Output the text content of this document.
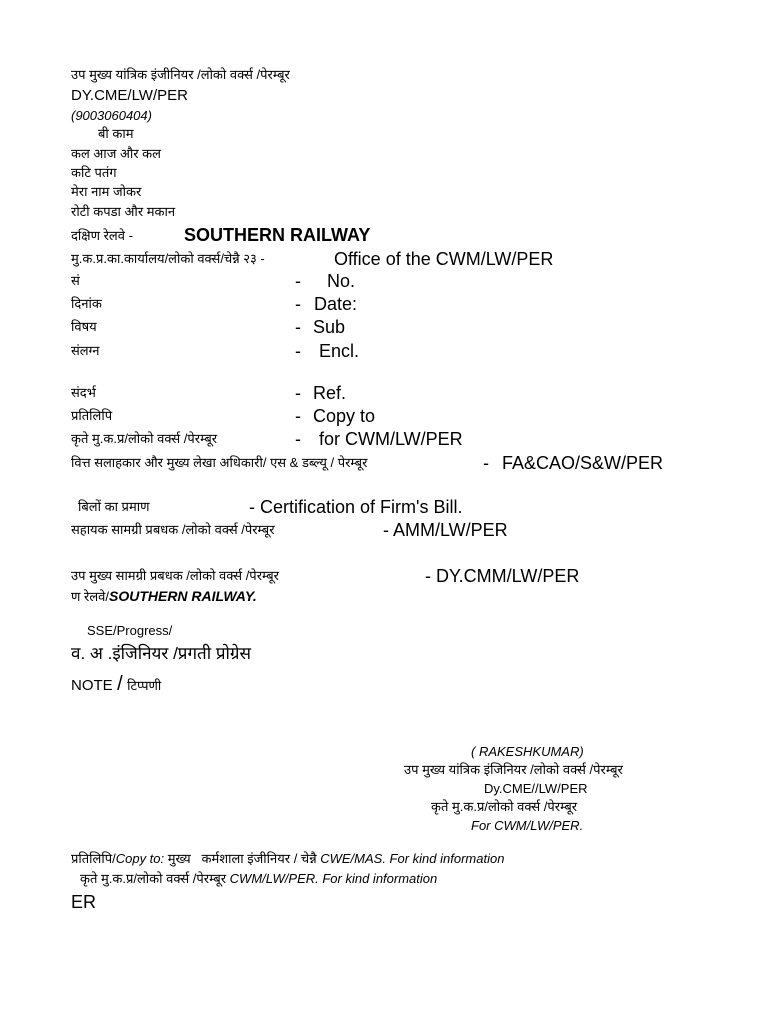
उप मुख्य यांत्रिक इंजीनियर /लोको वर्क्स /पेरम्बूर
DY.CME/LW/PER
(9003060404)
बी काम
कल आज और कल
कटि पतंग
मेरा नाम जोकर
रोटी कपडा और मकान
दक्षिण रेलवे -	SOUTHERN RAILWAY
मु.क.प्र.का.कार्यालय/लोको वर्क्स/चेन्नै २३ -	Office of the CWM/LW/PER
सं	- No.
दिनांक	- Date:
विषय	- Sub
संलग्न	- Encl.
संदर्भ	- Ref.
प्रतिलिपि	- Copy to
कृते मु.क.प्र/लोको वर्क्स /पेरम्बूर	- for CWM/LW/PER
वित्त सलाहकार और मुख्य लेखा अधिकारी/ एस & डब्ल्यू / पेरम्बूर	- FA&CAO/S&W/PER
बिलों का प्रमाण	- Certification of Firm's Bill.
सहायक सामग्री प्रबधक /लोको वर्क्स /पेरम्बूर	- AMM/LW/PER
उप मुख्य सामग्री प्रबधक /लोको वर्क्स /पेरम्बूर	- DY.CMM/LW/PER
ण रेलवे/SOUTHERN RAILWAY.
SSE/Progress/
व. अ .इंजिनियर /प्रगती प्रोग्रेस
NOTE / टिप्पणी
( RAKESHKUMAR)
उप मुख्य यांत्रिक इंजिनियर /लोको वर्क्स /पेरम्बूर
Dy.CME//LW/PER
कृते मु.क.प्र/लोको वर्क्स /पेरम्बूर
For CWM/LW/PER.
प्रतिलिपि/Copy to: मुख्य   कर्मशाला इंजीनियर / चेन्नै CWE/MAS. For kind information
कृते मु.क.प्र/लोको वर्क्स /पेरम्बूर CWM/LW/PER. For kind information
ER
